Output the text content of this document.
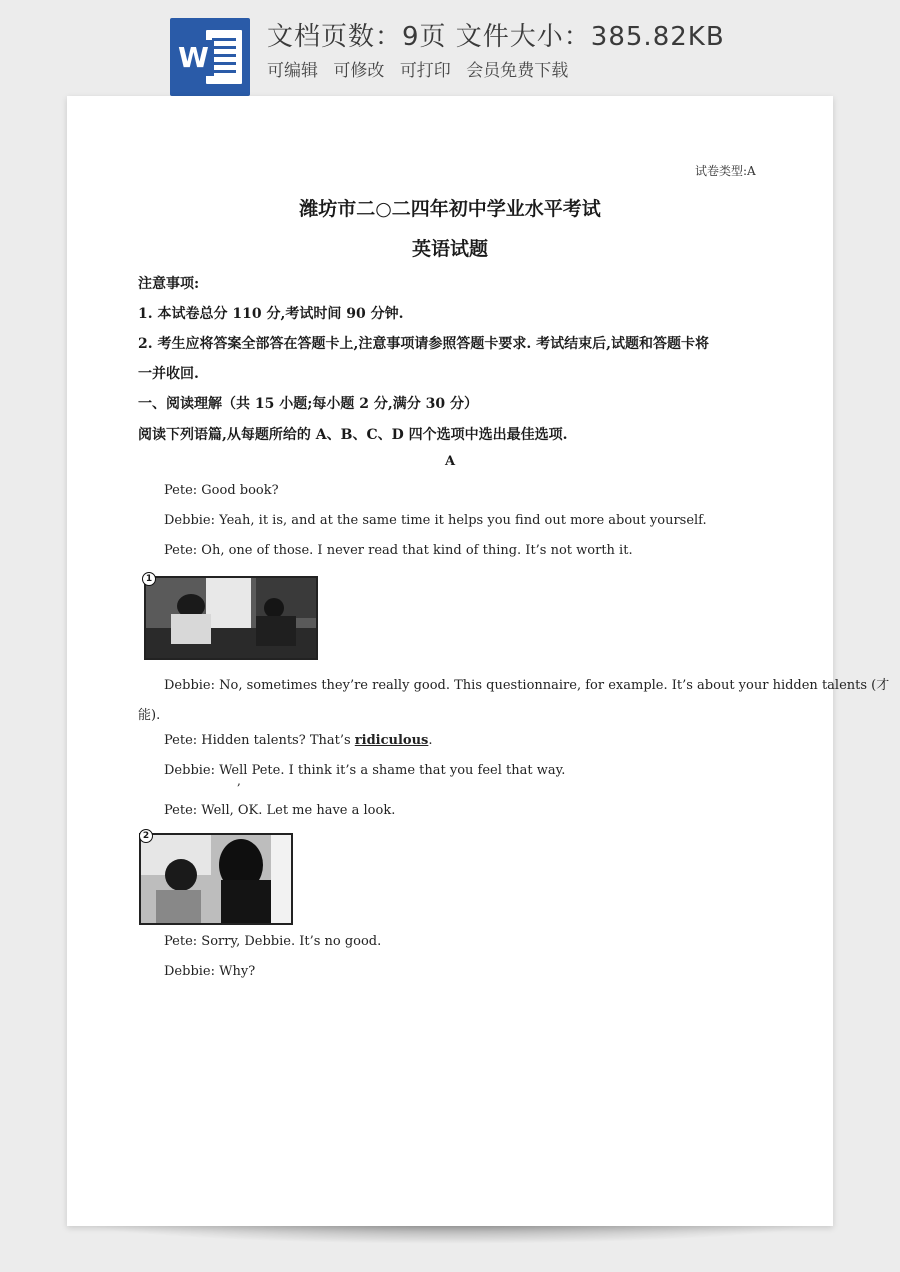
W
文档页数：9页 文件大小：385.82KB
可编辑 可修改 可打印 会员免费下载
试卷类型:A
潍坊市二○二四年初中学业水平考试
英语试题
注意事项:
1. 本试卷总分 110 分,考试时间 90 分钟.
2. 考生应将答案全部答在答题卡上,注意事项请参照答题卡要求. 考试结束后,试题和答题卡将
一并收回.
一、阅读理解（共 15 小题;每小题 2 分,满分 30 分）
阅读下列语篇,从每题所给的 A、B、C、D 四个选项中选出最佳选项.
A
Pete: Good book?
Debbie: Yeah, it is, and at the same time it helps you find out more about yourself.
Pete: Oh, one of those. I never read that kind of thing. It’s not worth it.
1
Debbie: No, sometimes they’re really good. This questionnaire, for example. It’s about your hidden talents (才
能).
Pete: Hidden talents? That’s ridiculous.
Debbie: Well Pete. I think it’s a shame that you feel that way.
,
Pete: Well, OK. Let me have a look.
2
Pete: Sorry, Debbie. It’s no good.
Debbie: Why?
